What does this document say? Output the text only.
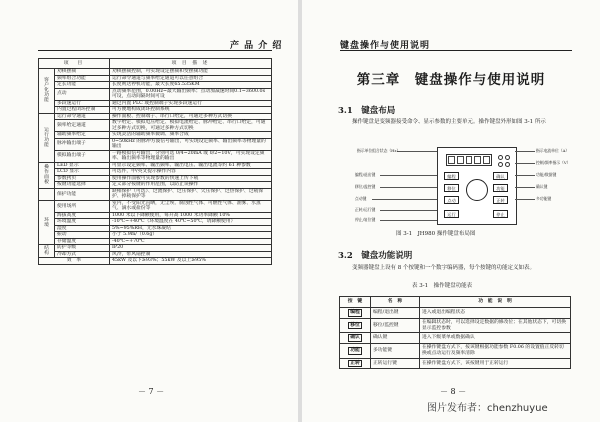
产 品 介 绍
项　目		项 目 描 述

客户化功能	劝棋摆频	劝棋摆频控制，可实现设定摆频和变摆频功能
	频率组合功能	运行命令通道与频率给定通道可以任意组合
	定长功能	长度则达停机功能，最大长度65.535KM
	点动	点动频率范围，0.00Hz~最大输出频率；点动加减速时间0.1~3600.0s 可设，点动间隔时间可设
	多段速运行	通过内置 PLC 或控制端子实现多段速运行
	内置过程闭环控制	可方便地构成闭环控制系统

运行功能	运行命令通道	操作面板、控制端子、串行口给定，可通过多种方式切换
	频率给定通道	数字给定、模拟电压给定、模拟电流给定、脉冲给定、串行口给定，可通过多种方式切换，可通过多种方式切换
	辅助频率给定	实现灵活的辅助频率微调、频率合成
	脉冲输出端子	0~50kHz 的脉冲方波信号输出，可实现设定频率、输出频率等物理量的输出
	模拟输出端子	一路模拟信号输出，分别可选 0/4~20mA 或 0/2~10V，可实现设定频率、输出频率等物理量的输出

操作面板	LED 显示	可显示设定频率、输出频率、输出电压、输出电流等约 61 种参数
	LCD 显示	可选件，中/英文提示操作内容
	参数拷贝	使用操作面板可实现参数的快速上传下载
	按键功能选择	定义部分按键的作用范围，以防止误操作

	保护功能	缺相保护（可选）、过流保护、过压保护、欠压保护、过热保护、过载保护、掉载保护等

环境	使用场所	室内，不受阳光直晒，无尘埃、腐蚀性气体、可燃性气体、油雾、水蒸气、滴水或盐份等
	海拔高度	1000 米以下降额使用，每升高 1000 米功率降额 10%
	环境温度	-10℃~+40℃（环境温度在 40℃~50℃，请降额使用）
	湿度	5%~95%RH，无水珠凝结
	振动	小于 5.9m/（0.6g）
	存储温度	-40℃~+70℃

结构	防护等级	IP20
	冷却方式	风冷，带风扇控制
效　率		45kW 及以下≥93%；55kW 及以上≥95%
－ 7 －
键盘操作与使用说明
第三章　键盘操作与使用说明
3.1　键盘布局
操作键盘是变频器接受命令、显示参数的主要单元。操作键盘外形如图 3-1 所示
编程	确认
移位	功能
点动	正转
运行	停止
指示单位组合状态（Hz）
编程/退出键
移位/监控键
点动键
正转/运行键
停止/复位键
指示电流单位（A）
控制/频率指示（V）
功能/数据键
确认键
多功能键
图 3-1　JH980 操作键盘布局图
3.2　键盘功能说明
变频器键盘上设有 8 个按键和一个数字编码器，每个按键的功能定义如表。
表 3-1　操作键盘功能表
按　键	名　称	功　能　说　明
编程	编程/退出键	进入或退出编程状态
移位	移位/监控键	在编辑状态时，可以选择设定数据的修改位；在其他状态下，可切换显示监控参数
确认	确认键	进入下级菜单或数据确认
功能	多功能键	在操作键盘方式下，按该键根据功能参数 F0.06 的设置值正反转切换或点动运行及频率清除
正转	正转运行键	在操作键盘方式下，该按键用于正转运行
－ 8 －
图片发布者：chenzhuyue
